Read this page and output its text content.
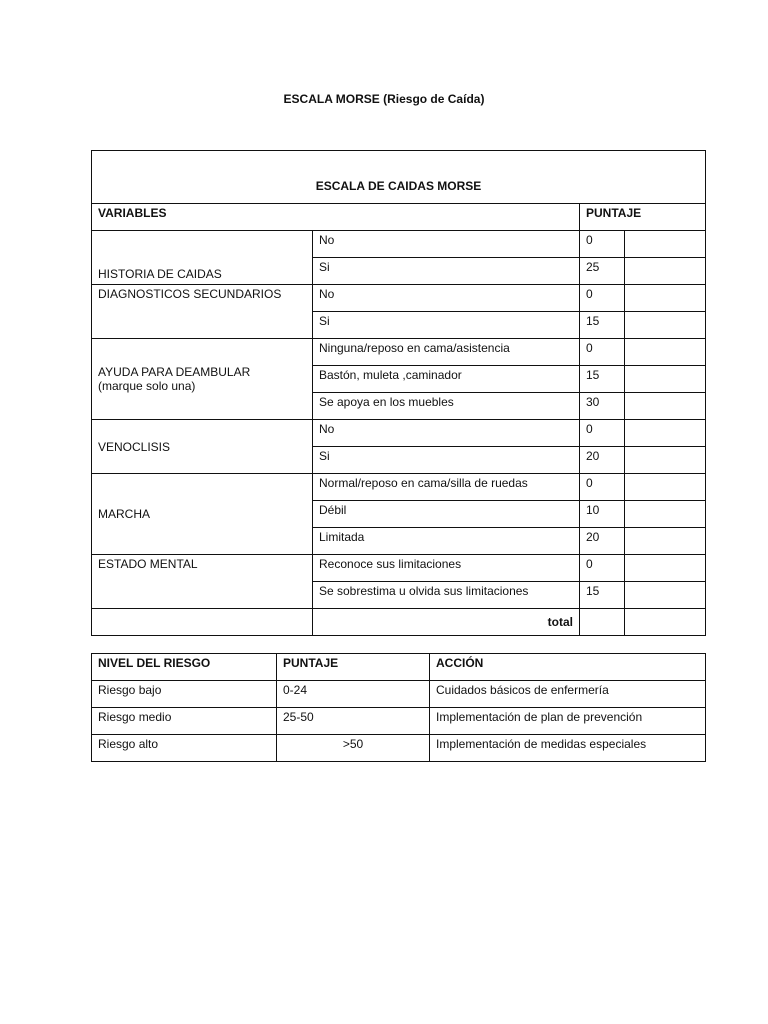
ESCALA MORSE (Riesgo de Caída)
ESCALA DE CAIDAS MORSE			
VARIABLES		PUNTAJE	
HISTORIA DE CAIDAS	No	0	
	Si	25	
DIAGNOSTICOS SECUNDARIOS	No	0	
	Si	15	

AYUDA PARA DEAMBULAR
(marque solo una)	Ninguna/reposo en cama/asistencia	0	
	Bastón, muleta ,caminador	15	
	Se apoya en los muebles	30	
VENOCLISIS	No	0	
	Si	20	
MARCHA	Normal/reposo en cama/silla de ruedas	0	
	Débil	10	
	Limitada	20	
ESTADO MENTAL	Reconoce sus limitaciones	0	
	Se sobrestima u olvida sus limitaciones	15	
	total		
NIVEL DEL RIESGO	PUNTAJE	ACCIÓN
Riesgo bajo	0-24	Cuidados básicos de enfermería
Riesgo medio	25-50	Implementación de plan de prevención
Riesgo alto	>50	Implementación de medidas especiales
